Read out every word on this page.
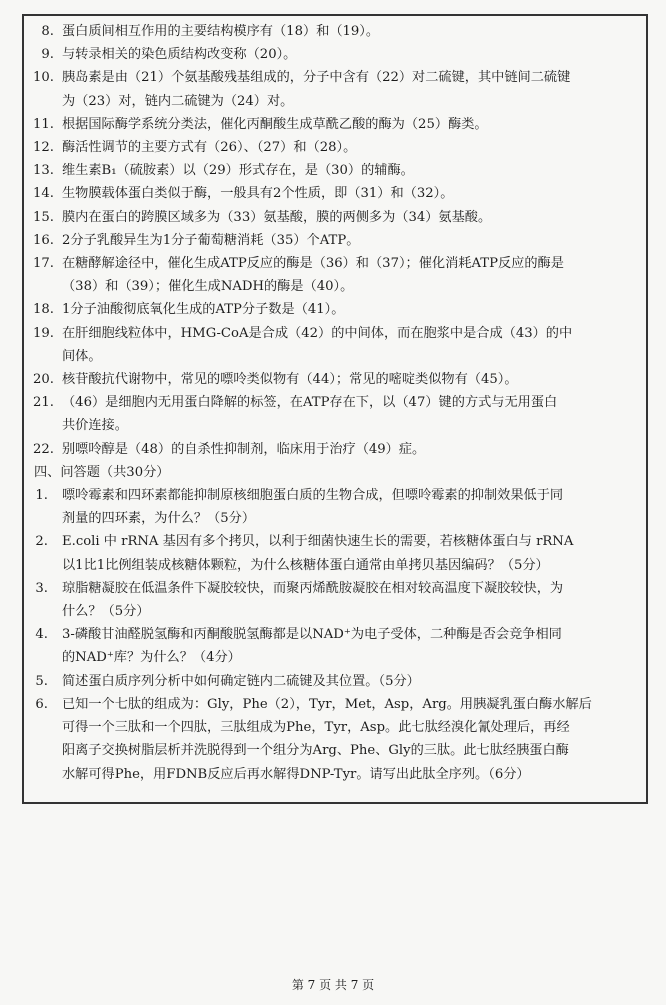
8. 蛋白质间相互作用的主要结构模序有（18）和（19）。
9. 与转录相关的染色质结构改变称（20）。
10. 胰岛素是由（21）个氨基酸残基组成的，分子中含有（22）对二硫键，其中链间二硫键
为（23）对，链内二硫键为（24）对。
11. 根据国际酶学系统分类法，催化丙酮酸生成草酰乙酸的酶为（25）酶类。
12. 酶活性调节的主要方式有（26）、（27）和（28）。
13. 维生素B₁（硫胺素）以（29）形式存在，是（30）的辅酶。
14. 生物膜载体蛋白类似于酶，一般具有2个性质，即（31）和（32）。
15. 膜内在蛋白的跨膜区域多为（33）氨基酸，膜的两侧多为（34）氨基酸。
16. 2分子乳酸异生为1分子葡萄糖消耗（35）个ATP。
17. 在糖酵解途径中，催化生成ATP反应的酶是（36）和（37）；催化消耗ATP反应的酶是
（38）和（39）；催化生成NADH的酶是（40）。
18. 1分子油酸彻底氧化生成的ATP分子数是（41）。
19. 在肝细胞线粒体中，HMG-CoA是合成（42）的中间体，而在胞浆中是合成（43）的中
间体。
20. 核苷酸抗代谢物中，常见的嘌呤类似物有（44）；常见的嘧啶类似物有（45）。
21. （46）是细胞内无用蛋白降解的标签，在ATP存在下，以（47）键的方式与无用蛋白
共价连接。
22. 别嘌呤醇是（48）的自杀性抑制剂，临床用于治疗（49）症。
四、问答题（共30分）
1.	嘌呤霉素和四环素都能抑制原核细胞蛋白质的生物合成，但嘌呤霉素的抑制效果低于同
剂量的四环素，为什么？（5分）
2.	E.coli 中 rRNA 基因有多个拷贝，以利于细菌快速生长的需要，若核糖体蛋白与 rRNA
以1比1比例组装成核糖体颗粒，为什么核糖体蛋白通常由单拷贝基因编码？（5分）
3.	琼脂糖凝胶在低温条件下凝胶较快，而聚丙烯酰胺凝胶在相对较高温度下凝胶较快，为
什么？（5分）
4.	3-磷酸甘油醛脱氢酶和丙酮酸脱氢酶都是以NAD⁺为电子受体，二种酶是否会竞争相同
的NAD⁺库？为什么？（4分）
5.	简述蛋白质序列分析中如何确定链内二硫键及其位置。（5分）
6.	已知一个七肽的组成为：Gly，Phe（2），Tyr，Met，Asp，Arg。用胰凝乳蛋白酶水解后
可得一个三肽和一个四肽，三肽组成为Phe，Tyr，Asp。此七肽经溴化氰处理后，再经
阳离子交换树脂层析并洗脱得到一个组分为Arg、Phe、Gly的三肽。此七肽经胰蛋白酶
水解可得Phe，用FDNB反应后再水解得DNP-Tyr。请写出此肽全序列。（6分）
第 7 页 共 7 页
